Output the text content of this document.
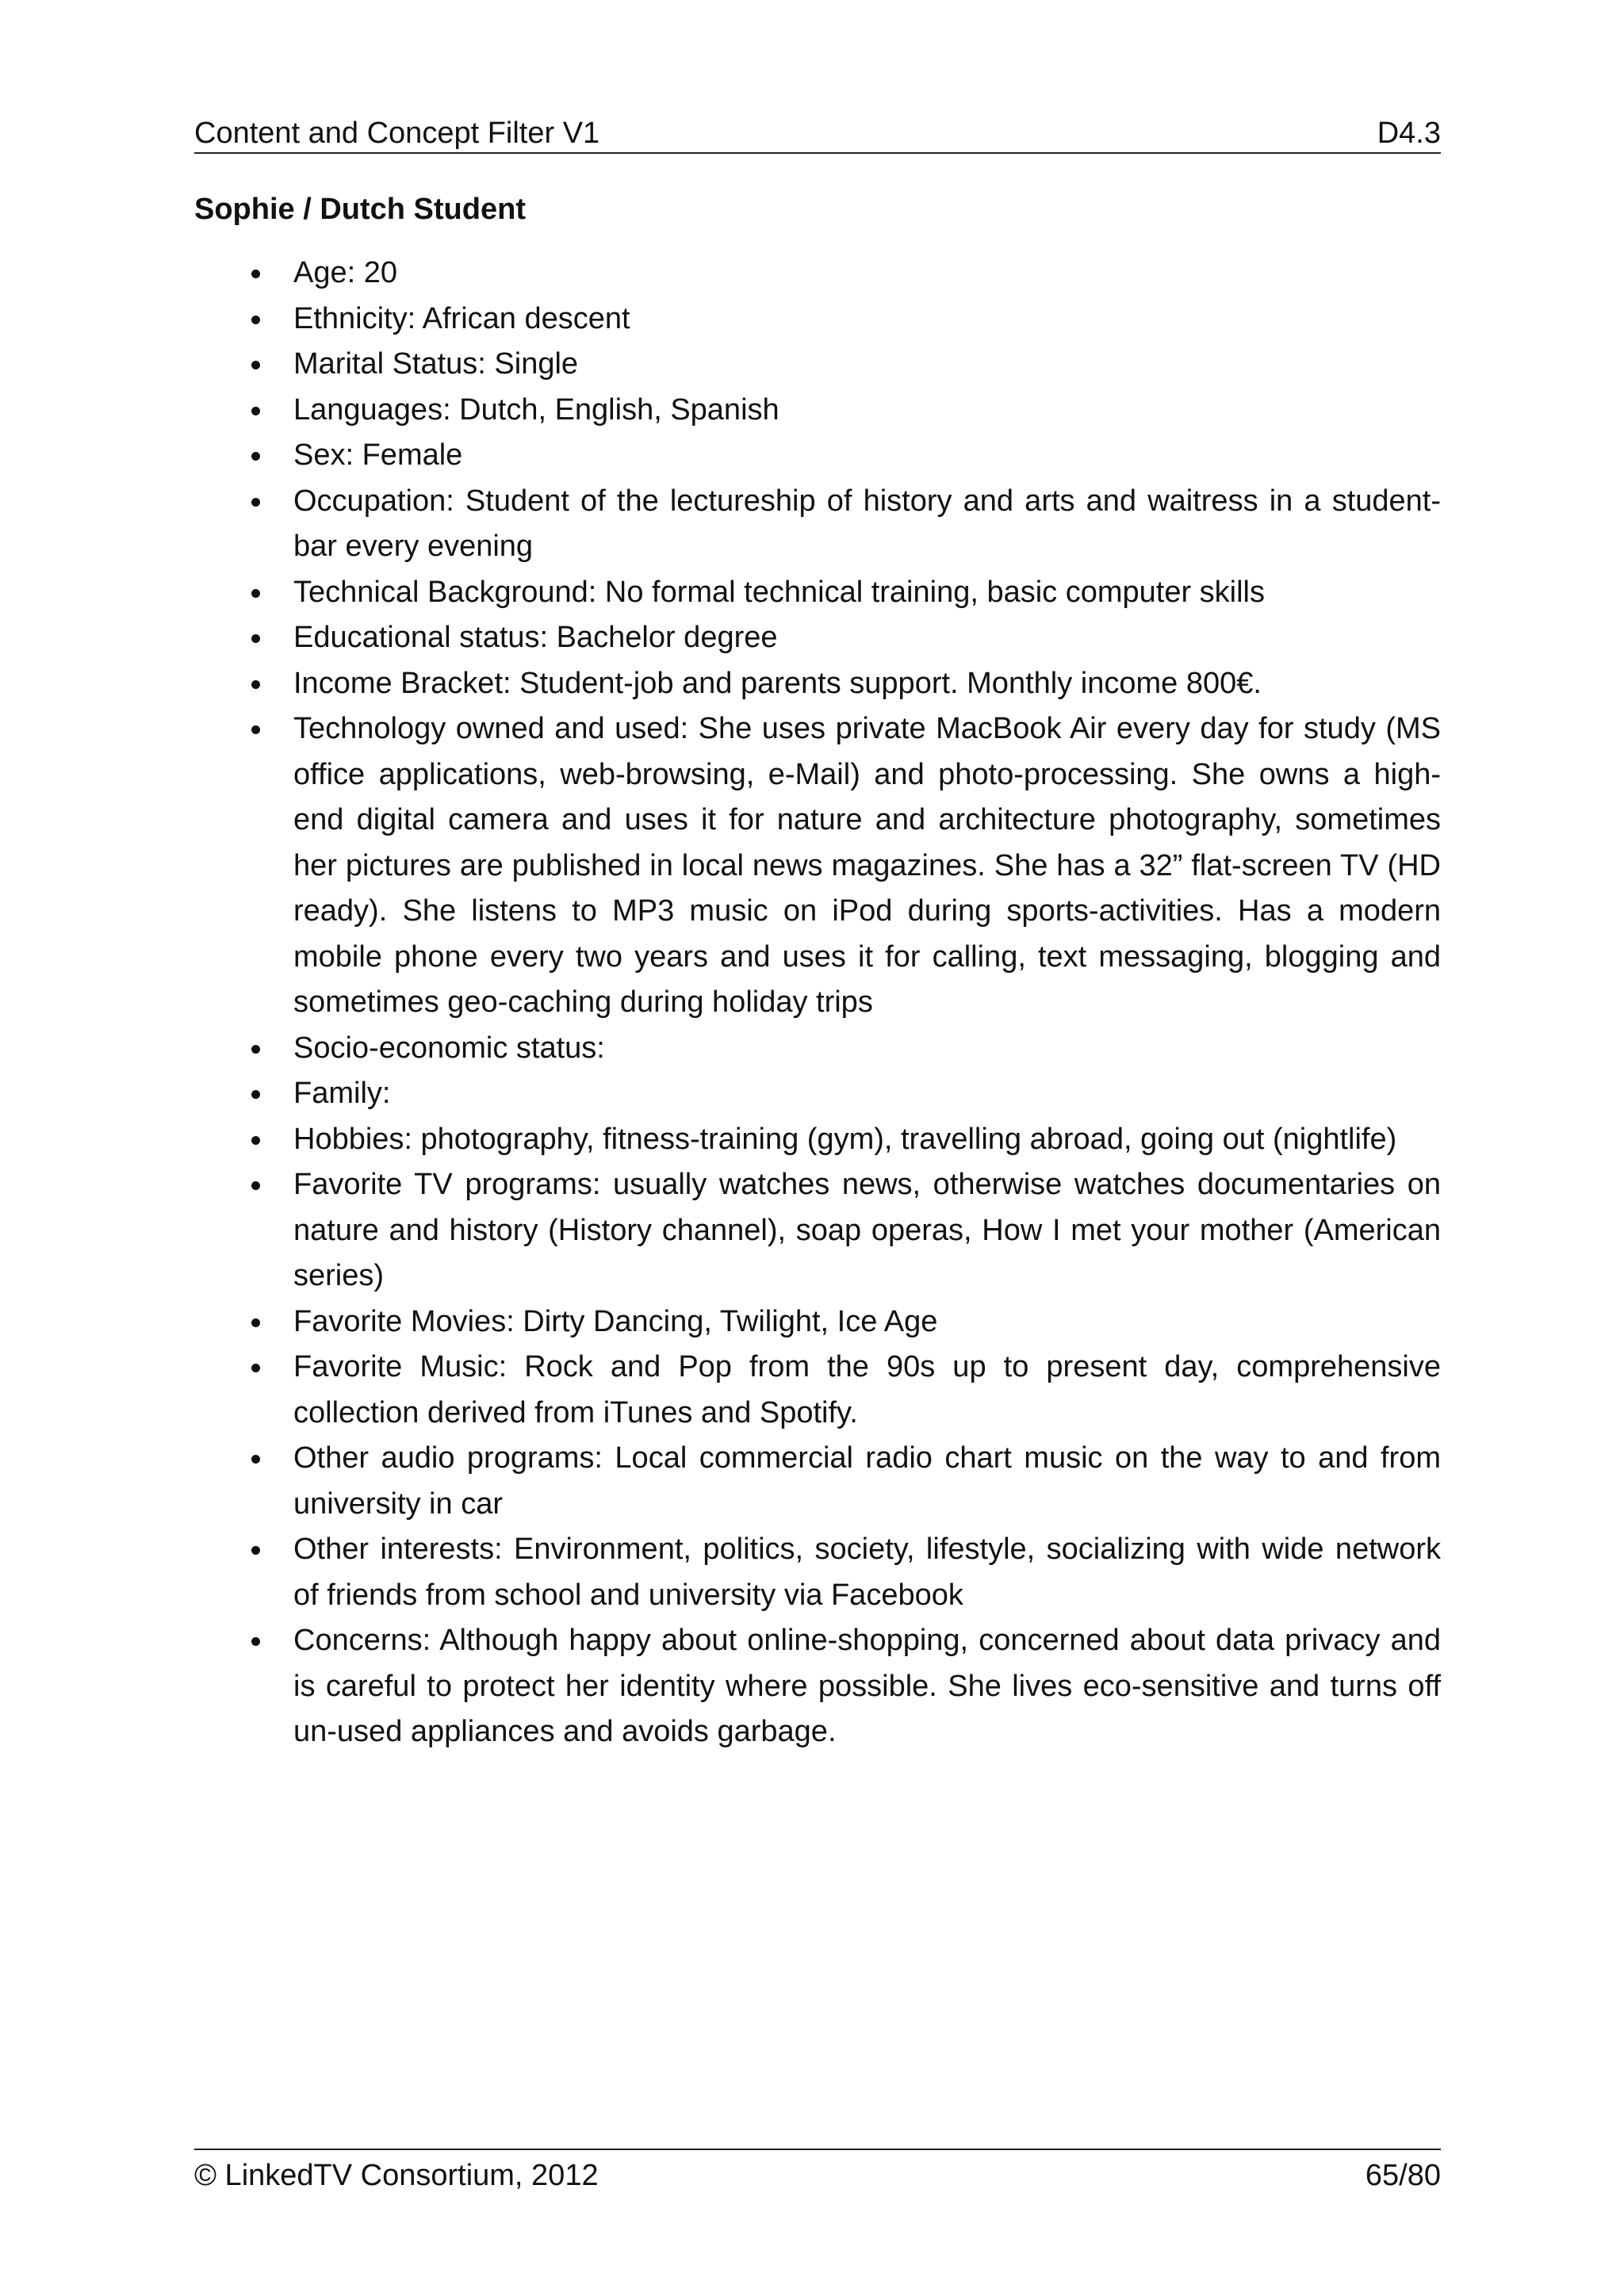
Content and Concept Filter V1	D4.3
Sophie / Dutch Student
Age: 20
Ethnicity: African descent
Marital Status: Single
Languages: Dutch, English, Spanish
Sex: Female
Occupation: Student of the lectureship of history and arts and waitress in a student-bar every evening
Technical Background: No formal technical training, basic computer skills
Educational status: Bachelor degree
Income Bracket: Student-job and parents support. Monthly income 800€.
Technology owned and used: She uses private MacBook Air every day for study (MS office applications, web-browsing, e-Mail) and photo-processing. She owns a high-end digital camera and uses it for nature and architecture photography, sometimes her pictures are published in local news magazines. She has a 32” flat-screen TV (HD ready). She listens to MP3 music on iPod during sports-activities. Has a modern mobile phone every two years and uses it for calling, text messaging, blogging and sometimes geo-caching during holiday trips
Socio-economic status:
Family:
Hobbies: photography, fitness-training (gym), travelling abroad, going out (nightlife)
Favorite TV programs: usually watches news, otherwise watches documentaries on nature and history (History channel), soap operas, How I met your mother (American series)
Favorite Movies: Dirty Dancing, Twilight, Ice Age
Favorite Music: Rock and Pop from the 90s up to present day, comprehensive collection derived from iTunes and Spotify.
Other audio programs: Local commercial radio chart music on the way to and from university in car
Other interests: Environment, politics, society, lifestyle, socializing with wide network of friends from school and university via Facebook
Concerns: Although happy about online-shopping, concerned about data privacy and is careful to protect her identity where possible. She lives eco-sensitive and turns off un-used appliances and avoids garbage.
© LinkedTV Consortium, 2012	65/80
